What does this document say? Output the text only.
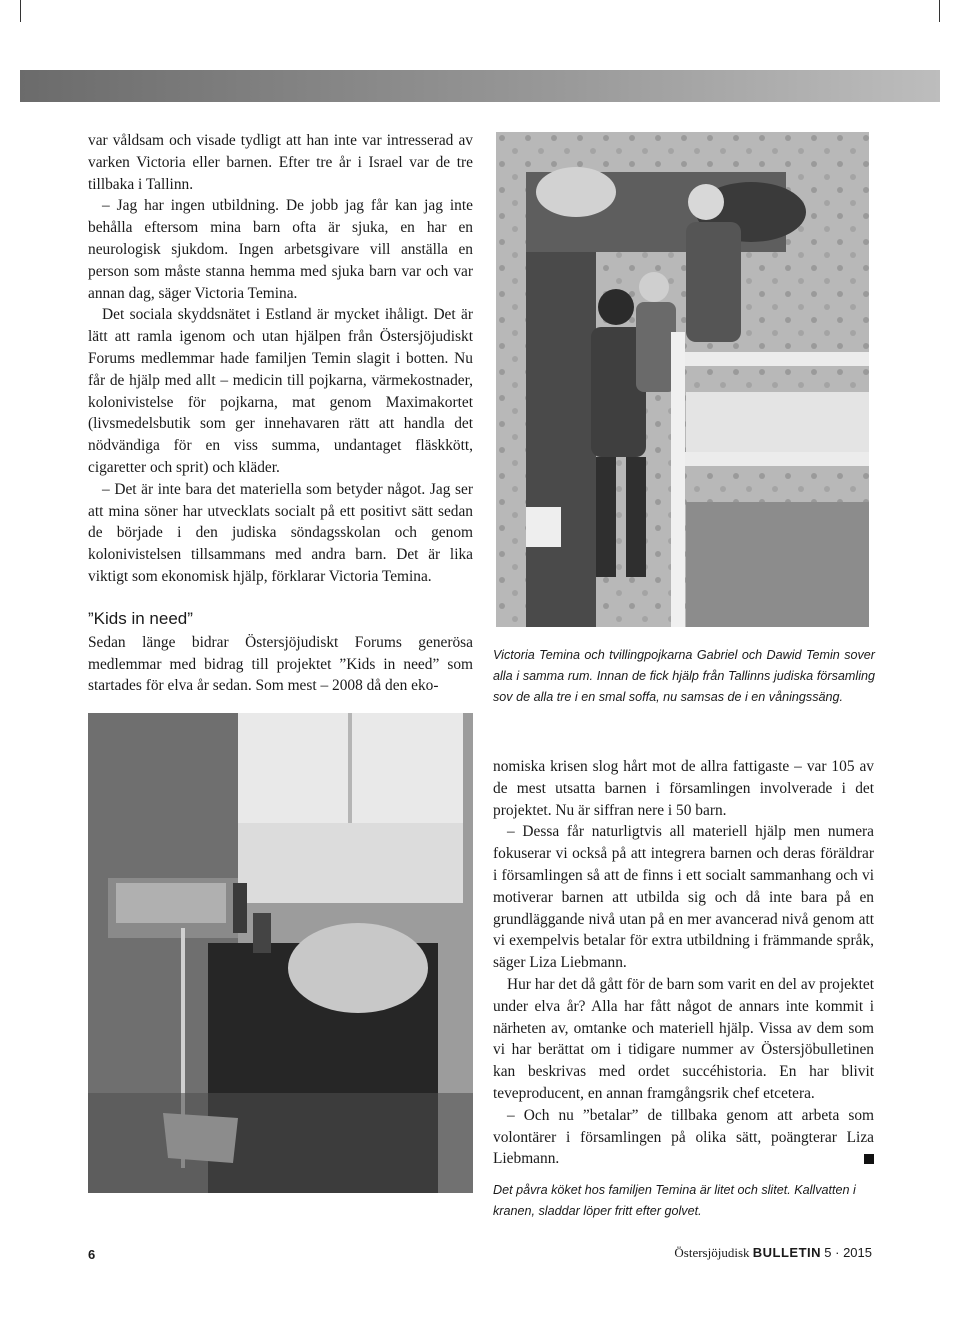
var våldsam och visade tydligt att han inte var intresserad av varken Victoria eller barnen. Efter tre år i Israel var de tre tillbaka i Tallinn.

– Jag har ingen utbildning. De jobb jag får kan jag inte behålla eftersom mina barn ofta är sjuka, en har en neurologisk sjukdom. Ingen arbetsgivare vill anställa en person som måste stanna hemma med sjuka barn var och var annan dag, säger Victoria Temina.

Det sociala skyddsnätet i Estland är mycket ihåligt. Det är lätt att ramla igenom och utan hjälpen från Östersjöjudiskt Forums medlemmar hade familjen Temin slagit i botten. Nu får de hjälp med allt – medicin till pojkarna, värmekostnader, kolonivistelse för pojkarna, mat genom Maximakortet (livsmedelsbutik som ger innehavaren rätt att handla det nödvändiga för en viss summa, undantaget fläskkött, cigaretter och sprit) och kläder.

– Det är inte bara det materiella som betyder något. Jag ser att mina söner har utvecklats socialt på ett positivt sätt sedan de började i den judiska söndagsskolan och genom kolonivistelsen tillsammans med andra barn. Det är lika viktigt som ekonomisk hjälp, förklarar Victoria Temina.

”Kids in need”

Sedan länge bidrar Östersjöjudiskt Forums generösa medlemmar med bidrag till projektet ”Kids in need” som startades för elva år sedan. Som mest – 2008 då den eko-

Victoria Temina och tvillingpojkarna Gabriel och Dawid Temin sover alla i samma rum. Innan de fick hjälp från Tallinns judiska församling sov de alla tre i en smal soffa, nu samsas de i en våningssäng.

nomiska krisen slog hårt mot de allra fattigaste – var 105 av de mest utsatta barnen i församlingen involverade i det projektet. Nu är siffran nere i 50 barn.

– Dessa får naturligtvis all materiell hjälp men numera fokuserar vi också på att integrera barnen och deras föräldrar i församlingen så att de finns i ett socialt sammanhang och vi motiverar barnen att utbilda sig och då inte bara på en grundläggande nivå utan på en mer avancerad nivå genom att vi exempelvis betalar för extra utbildning i främmande språk, säger Liza Liebmann.

Hur har det då gått för de barn som varit en del av projektet under elva år? Alla har fått något de annars inte kommit i närheten av, omtanke och materiell hjälp. Vissa av dem som vi har berättat om i tidigare nummer av Östersjöbulletinen kan beskrivas med ordet succéhistoria. En har blivit teveproducent, en annan framgångsrik chef etcetera.

– Och nu ”betalar” de tillbaka genom att arbeta som volontärer i församlingen på olika sätt, poängterar Liza Liebmann.

Det påvra köket hos familjen Temina är litet och slitet. Kallvatten i kranen, sladdar löper fritt efter golvet.

6	Östersjöjudisk BULLETIN 5 · 2015
